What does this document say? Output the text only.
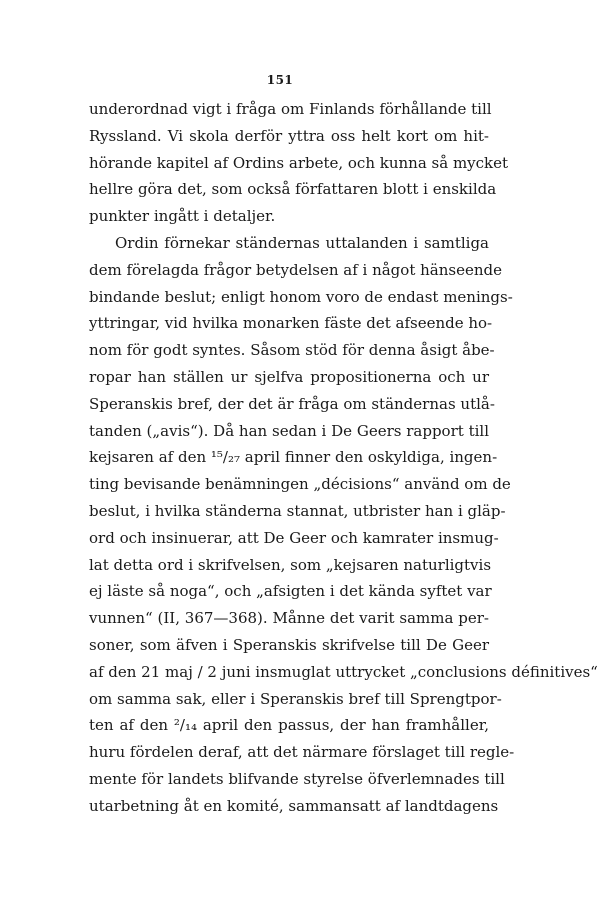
151
underordnad vigt i fråga om Finlands förhållande till
Ryssland. Vi skola derför yttra oss helt kort om hit-
hörande kapitel af Ordins arbete, och kunna så mycket
hellre göra det, som också författaren blott i enskilda
punkter ingått i detaljer.
Ordin förnekar ständernas uttalanden i samtliga
dem förelagda frågor betydelsen af i något hänseende
bindande beslut; enligt honom voro de endast menings-
yttringar, vid hvilka monarken fäste det afseende ho-
nom för godt syntes. Såsom stöd för denna åsigt åbe-
ropar han ställen ur sjelfva propositionerna och ur
Speranskis bref, der det är fråga om ständernas utlå-
tanden („avis“). Då han sedan i De Geers rapport till
kejsaren af den ¹⁵/₂₇ april finner den oskyldiga, ingen-
ting bevisande benämningen „décisions“ använd om de
beslut, i hvilka ständerna stannat, utbrister han i gläp-
ord och insinuerar, att De Geer och kamrater insmug-
lat detta ord i skrifvelsen, som „kejsaren naturligtvis
ej läste så noga“, och „afsigten i det kända syftet var
vunnen“ (II, 367—368). Månne det varit samma per-
soner, som äfven i Speranskis skrifvelse till De Geer
af den 21 maj / 2 juni insmuglat uttrycket „conclusions définitives“
om samma sak, eller i Speranskis bref till Sprengtpor-
ten af den ²/₁₄ april den passus, der han framhåller,
huru fördelen deraf, att det närmare förslaget till regle-
mente för landets blifvande styrelse öfverlemnades till
utarbetning åt en komité, sammansatt af landtdagens
